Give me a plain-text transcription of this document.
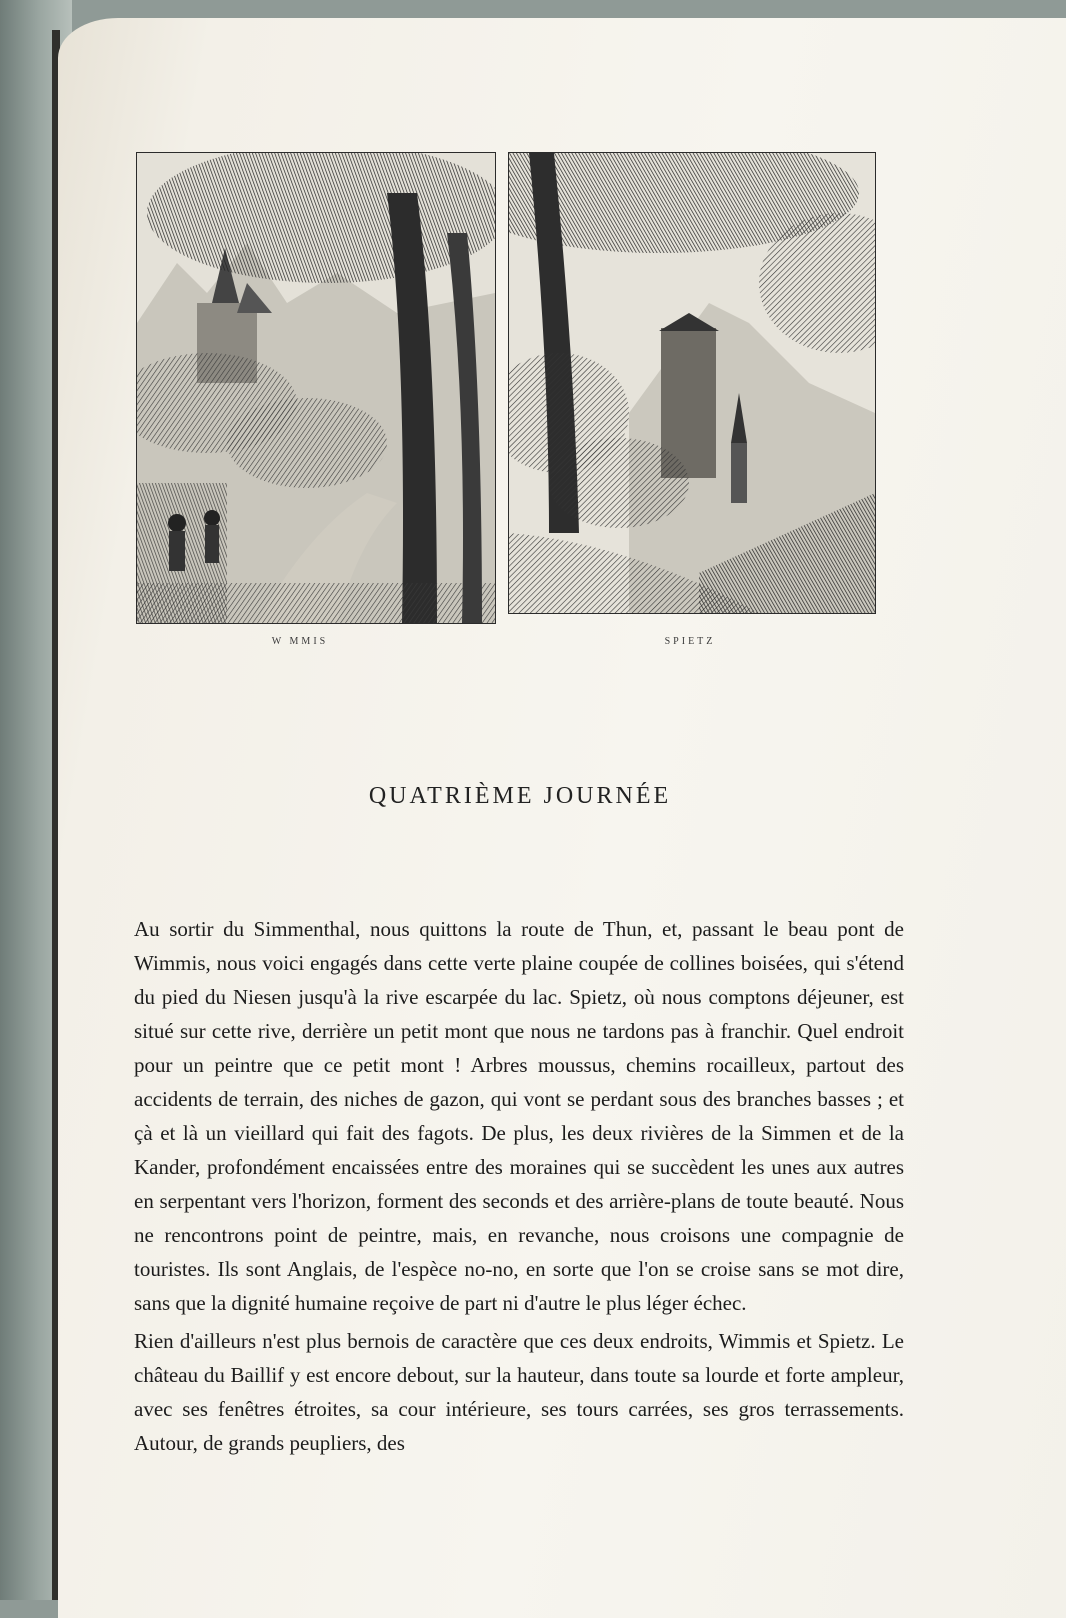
W MMIS	SPIETZ
QUATRIÈME JOURNÉE

Au sortir du Simmenthal, nous quittons la route de Thun, et, passant le beau pont de Wimmis, nous voici engagés dans cette verte plaine coupée de collines boisées, qui s'étend du pied du Niesen jusqu'à la rive escarpée du lac. Spietz, où nous comptons déjeuner, est situé sur cette rive, derrière un petit mont que nous ne tardons pas à franchir. Quel endroit pour un peintre que ce petit mont ! Arbres moussus, chemins rocailleux, partout des accidents de terrain, des niches de gazon, qui vont se perdant sous des branches basses ; et çà et là un vieillard qui fait des fagots. De plus, les deux rivières de la Simmen et de la Kander, profondément encaissées entre des moraines qui se succèdent les unes aux autres en serpentant vers l'horizon, forment des seconds et des arrière-plans de toute beauté. Nous ne rencontrons point de peintre, mais, en revanche, nous croisons une compagnie de touristes. Ils sont Anglais, de l'espèce no-no, en sorte que l'on se croise sans se mot dire, sans que la dignité humaine reçoive de part ni d'autre le plus léger échec.

Rien d'ailleurs n'est plus bernois de caractère que ces deux endroits, Wimmis et Spietz. Le château du Baillif y est encore debout, sur la hauteur, dans toute sa lourde et forte ampleur, avec ses fenêtres étroites, sa cour intérieure, ses tours carrées, ses gros terrassements. Autour, de grands peupliers, des
